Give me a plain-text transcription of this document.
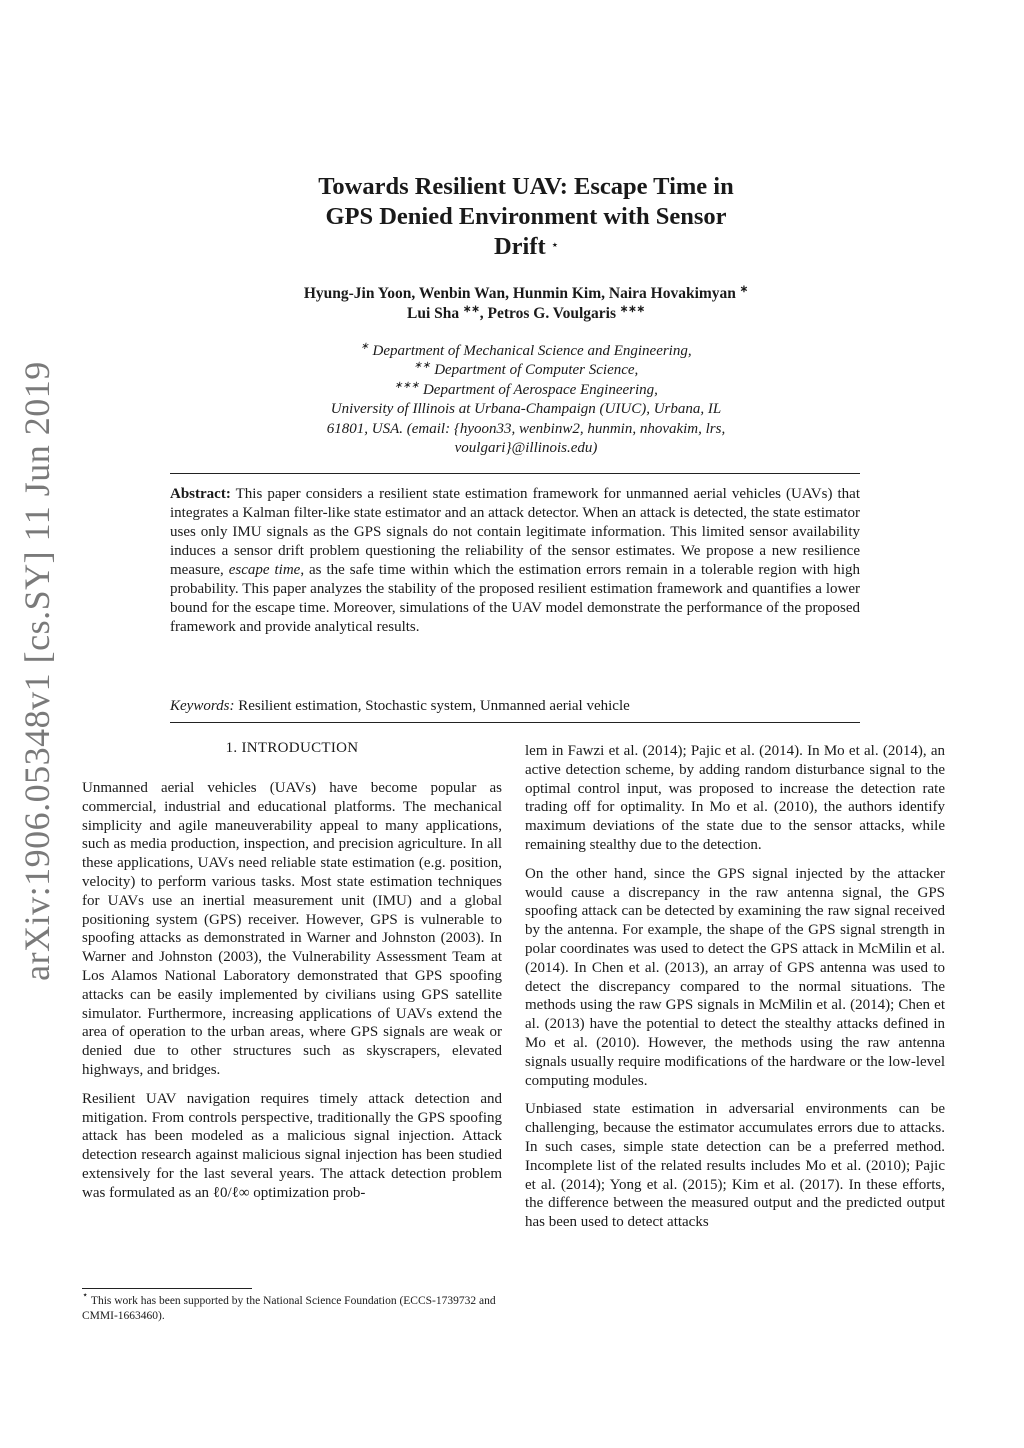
arXiv:1906.05348v1 [cs.SY] 11 Jun 2019
Towards Resilient UAV: Escape Time in
GPS Denied Environment with Sensor
Drift ⋆
Hyung-Jin Yoon, Wenbin Wan, Hunmin Kim, Naira Hovakimyan ∗
Lui Sha ∗∗, Petros G. Voulgaris ∗∗∗
∗ Department of Mechanical Science and Engineering,
∗∗ Department of Computer Science,
∗∗∗ Department of Aerospace Engineering,
University of Illinois at Urbana-Champaign (UIUC), Urbana, IL
61801, USA. (email: {hyoon33, wenbinw2, hunmin, nhovakim, lrs,
voulgari}@illinois.edu)
Abstract: This paper considers a resilient state estimation framework for unmanned aerial vehicles (UAVs) that integrates a Kalman filter-like state estimator and an attack detector. When an attack is detected, the state estimator uses only IMU signals as the GPS signals do not contain legitimate information. This limited sensor availability induces a sensor drift problem questioning the reliability of the sensor estimates. We propose a new resilience measure, escape time, as the safe time within which the estimation errors remain in a tolerable region with high probability. This paper analyzes the stability of the proposed resilient estimation framework and quantifies a lower bound for the escape time. Moreover, simulations of the UAV model demonstrate the performance of the proposed framework and provide analytical results.
Keywords: Resilient estimation, Stochastic system, Unmanned aerial vehicle
1. INTRODUCTION

Unmanned aerial vehicles (UAVs) have become popular as commercial, industrial and educational platforms. The mechanical simplicity and agile maneuverability appeal to many applications, such as media production, inspection, and precision agriculture. In all these applications, UAVs need reliable state estimation (e.g. position, velocity) to perform various tasks. Most state estimation techniques for UAVs use an inertial measurement unit (IMU) and a global positioning system (GPS) receiver. However, GPS is vulnerable to spoofing attacks as demonstrated in Warner and Johnston (2003). In Warner and Johnston (2003), the Vulnerability Assessment Team at Los Alamos National Laboratory demonstrated that GPS spoofing attacks can be easily implemented by civilians using GPS satellite simulator. Furthermore, increasing applications of UAVs extend the area of operation to the urban areas, where GPS signals are weak or denied due to other structures such as skyscrapers, elevated highways, and bridges.

Resilient UAV navigation requires timely attack detection and mitigation. From controls perspective, traditionally the GPS spoofing attack has been modeled as a malicious signal injection. Attack detection research against malicious signal injection has been studied extensively for the last several years. The attack detection problem was formulated as an ℓ0/ℓ∞ optimization prob-

⋆ This work has been supported by the National Science Foundation (ECCS-1739732 and CMMI-1663460).

lem in Fawzi et al. (2014); Pajic et al. (2014). In Mo et al. (2014), an active detection scheme, by adding random disturbance signal to the optimal control input, was proposed to increase the detection rate trading off for optimality. In Mo et al. (2010), the authors identify maximum deviations of the state due to the sensor attacks, while remaining stealthy due to the detection.

On the other hand, since the GPS signal injected by the attacker would cause a discrepancy in the raw antenna signal, the GPS spoofing attack can be detected by examining the raw signal received by the antenna. For example, the shape of the GPS signal strength in polar coordinates was used to detect the GPS attack in McMilin et al. (2014). In Chen et al. (2013), an array of GPS antenna was used to detect the discrepancy compared to the normal situations. The methods using the raw GPS signals in McMilin et al. (2014); Chen et al. (2013) have the potential to detect the stealthy attacks defined in Mo et al. (2010). However, the methods using the raw antenna signals usually require modifications of the hardware or the low-level computing modules.

Unbiased state estimation in adversarial environments can be challenging, because the estimator accumulates errors due to attacks. In such cases, simple state detection can be a preferred method. Incomplete list of the related results includes Mo et al. (2010); Pajic et al. (2014); Yong et al. (2015); Kim et al. (2017). In these efforts, the difference between the measured output and the predicted output has been used to detect attacks
